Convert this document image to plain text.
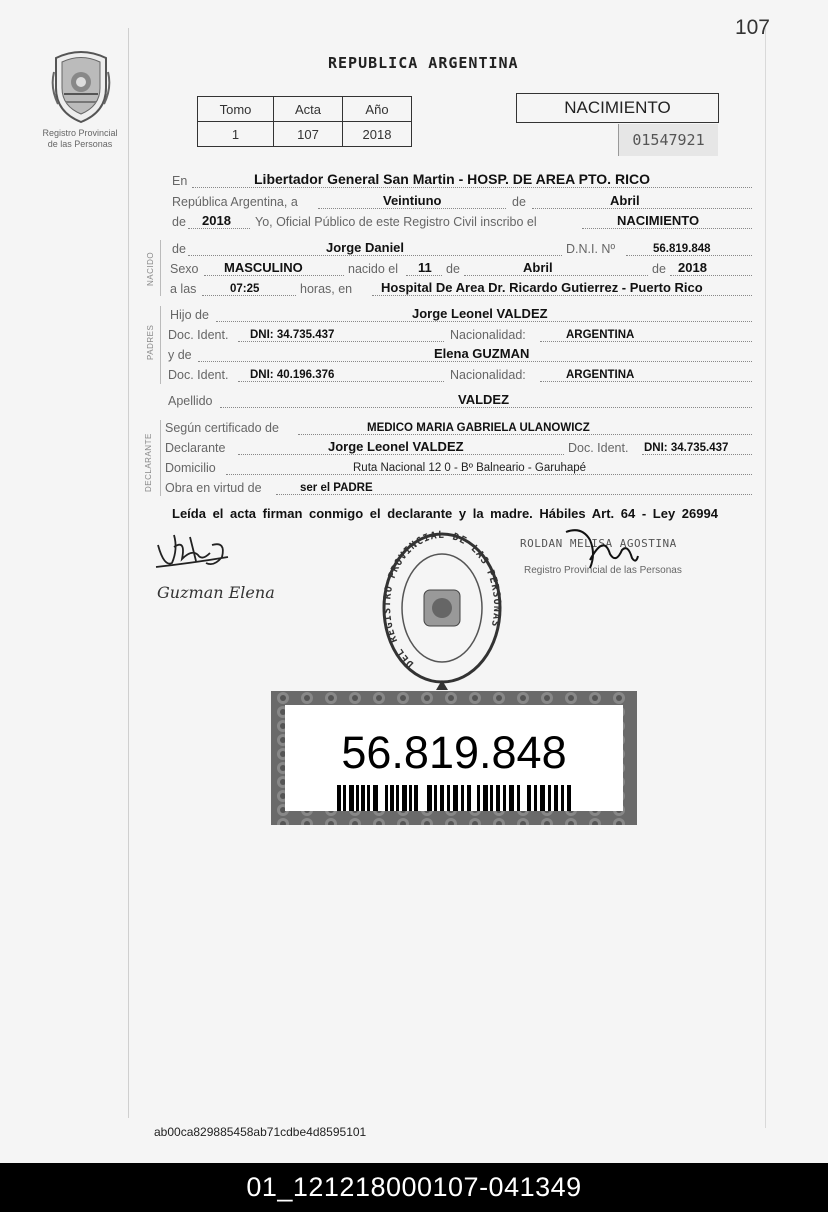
107
REPUBLICA ARGENTINA
Registro Provincial
de las Personas
Tomo	Acta	Año
1	107	2018
NACIMIENTO
01547921
En	Libertador General San Martin - HOSP. DE AREA PTO. RICO
República Argentina, a	Veintiuno	de	Abril
de 2018 Yo, Oficial Público de este Registro Civil inscribo el	NACIMIENTO
NACIDO
de	Jorge Daniel	D.N.I. Nº	56.819.848
Sexo MASCULINO	nacido el 11 de	Abril	de 2018
a las	07:25	horas, en Hospital De Area Dr. Ricardo Gutierrez - Puerto Rico
PADRES
Hijo de	Jorge Leonel VALDEZ
Doc. Ident. DNI: 34.735.437	Nacionalidad:	ARGENTINA
y de	Elena GUZMAN
Doc. Ident. DNI: 40.196.376	Nacionalidad:	ARGENTINA
Apellido	VALDEZ
DECLARANTE
Según certificado de	MEDICO MARIA GABRIELA ULANOWICZ
Declarante	Jorge Leonel VALDEZ	Doc. Ident. DNI: 34.735.437
Domicilio	Ruta Nacional 12 0 - Bº Balneario - Garuhapé
Obra en virtud de	ser el PADRE
Leída el acta firman conmigo el declarante y la madre. Hábiles Art. 64 - Ley 26994
Guzman Elena
ROLDAN MELISA AGOSTINA
Registro Provincial de las Personas
DEL REGISTRO PROVINCIAL DE LAS PERSONAS
56.819.848
ab00ca829885458ab71cdbe4d8595101
01_121218000107-041349
